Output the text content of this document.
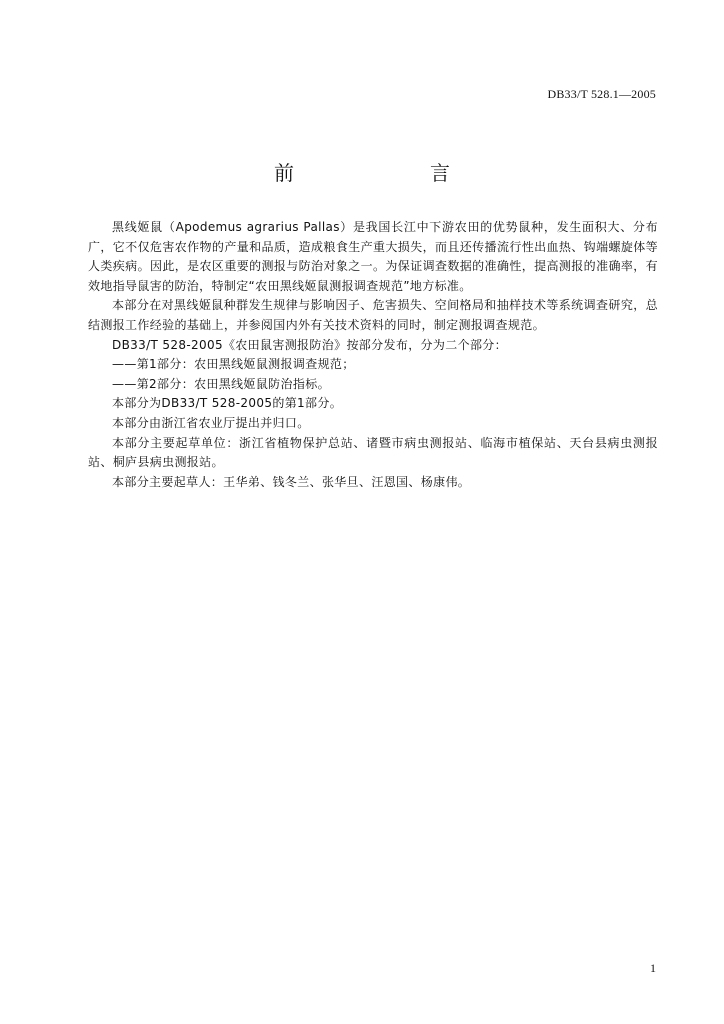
DB33/T 528.1—2005
前　　言

黑线姬鼠（Apodemus agrarius Pallas）是我国长江中下游农田的优势鼠种，发生面积大、分布广，它不仅危害农作物的产量和品质，造成粮食生产重大损失，而且还传播流行性出血热、钩端螺旋体等人类疾病。因此，是农区重要的测报与防治对象之一。为保证调查数据的准确性，提高测报的准确率，有效地指导鼠害的防治，特制定“农田黑线姬鼠测报调查规范”地方标准。

本部分在对黑线姬鼠种群发生规律与影响因子、危害损失、空间格局和抽样技术等系统调查研究，总结测报工作经验的基础上，并参阅国内外有关技术资料的同时，制定测报调查规范。

DB33/T 528-2005《农田鼠害测报防治》按部分发布，分为二个部分：

——第1部分：农田黑线姬鼠测报调查规范；

——第2部分：农田黑线姬鼠防治指标。

本部分为DB33/T 528-2005的第1部分。

本部分由浙江省农业厅提出并归口。

本部分主要起草单位：浙江省植物保护总站、诸暨市病虫测报站、临海市植保站、天台县病虫测报站、桐庐县病虫测报站。

本部分主要起草人：王华弟、钱冬兰、张华旦、汪恩国、杨康伟。

1
